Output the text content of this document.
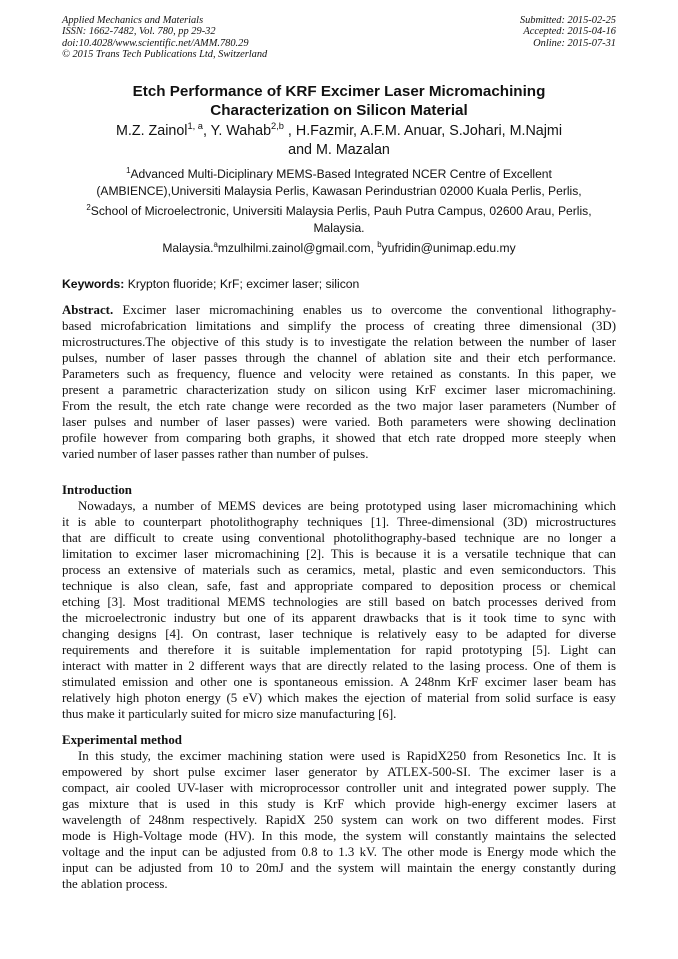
Applied Mechanics and Materials
ISSN: 1662-7482, Vol. 780, pp 29-32
doi:10.4028/www.scientific.net/AMM.780.29
© 2015 Trans Tech Publications Ltd, Switzerland
Submitted: 2015-02-25
Accepted: 2015-04-16
Online: 2015-07-31
Etch Performance of KRF Excimer Laser Micromachining
Characterization on Silicon Material
M.Z. Zainol$^{1, a}$, Y. Wahab$^{2,b}$ , H.Fazmir, A.F.M. Anuar, S.Johari, M.Najmi
and M. Mazalan
$^1$Advanced Multi-Diciplinary MEMS-Based Integrated NCER Centre of Excellent
(AMBIENCE),Universiti Malaysia Perlis, Kawasan Perindustrian 02000 Kuala Perlis, Perlis,
$^2$School of Microelectronic, Universiti Malaysia Perlis, Pauh Putra Campus, 02600 Arau, Perlis,
Malaysia.
Malaysia.$^a$mzulhilmi.zainol@gmail.com, $^b$yufridin@unimap.edu.my
Keywords: Krypton fluoride; KrF; excimer laser; silicon
Abstract. Excimer laser micromachining enables us to overcome the conventional lithography-
based microfabrication limitations and simplify the process of creating three dimensional (3D)
microstructures.The objective of this study is to investigate the relation between the number of laser
pulses, number of laser passes through the channel of ablation site and their etch performance.
Parameters such as frequency, fluence and velocity were retained as constants. In this paper, we
present a parametric characterization study on silicon using KrF excimer laser micromachining.
From the result, the etch rate change were recorded as the two major laser parameters (Number of
laser pulses and number of laser passes) were varied. Both parameters were showing declination
profile however from comparing both graphs, it showed that etch rate dropped more steeply when
varied number of laser passes rather than number of pulses.
Introduction
Nowadays, a number of MEMS devices are being prototyped using laser micromachining which
it is able to counterpart photolithography techniques [1]. Three-dimensional (3D) microstructures
that are difficult to create using conventional photolithography-based technique are no longer a
limitation to excimer laser micromachining [2]. This is because it is a versatile technique that can
process an extensive of materials such as ceramics, metal, plastic and even semiconductors. This
technique is also clean, safe, fast and appropriate compared to deposition process or chemical
etching [3]. Most traditional MEMS technologies are still based on batch processes derived from
the microelectronic industry but one of its apparent drawbacks that is it took time to sync with
changing designs [4]. On contrast, laser technique is relatively easy to be adapted for diverse
requirements and therefore it is suitable implementation for rapid prototyping [5]. Light can
interact with matter in 2 different ways that are directly related to the lasing process. One of them is
stimulated emission and other one is spontaneous emission. A 248nm KrF excimer laser beam has
relatively high photon energy (5 eV) which makes the ejection of material from solid surface is easy
thus make it particularly suited for micro size manufacturing [6].
Experimental method
In this study, the excimer machining station were used is RapidX250 from Resonetics Inc. It is
empowered by short pulse excimer laser generator by ATLEX-500-SI. The excimer laser is a
compact, air cooled UV-laser with microprocessor controller unit and integrated power supply. The
gas mixture that is used in this study is KrF which provide high-energy excimer lasers at
wavelength of 248nm respectively. RapidX 250 system can work on two different modes. First
mode is High-Voltage mode (HV). In this mode, the system will constantly maintains the selected
voltage and the input can be adjusted from 0.8 to 1.3 kV. The other mode is Energy mode which the
input can be adjusted from 10 to 20mJ and the system will maintain the energy constantly during
the ablation process.
